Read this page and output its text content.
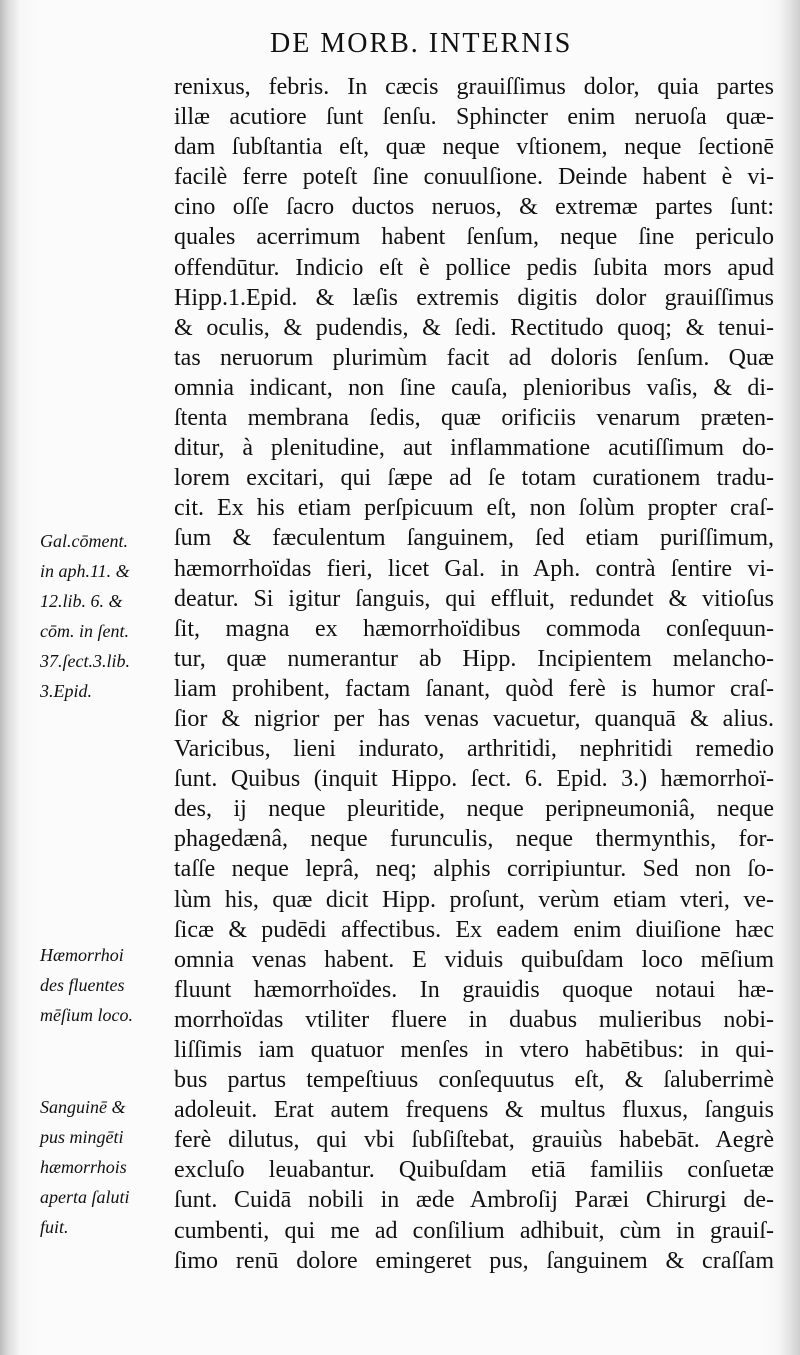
DE MORB. INTERNIS
renixus, febris. In cæcis grauiſſimus dolor, quia partes
illæ acutiore ſunt ſenſu. Sphincter enim neruoſa quæ-
dam ſubſtantia eſt, quæ neque vſtionem, neque ſectionē
facilè ferre poteſt ſine conuulſione. Deinde habent è vi-
cino oſſe ſacro ductos neruos, & extremæ partes ſunt:
quales acerrimum habent ſenſum, neque ſine periculo
offendūtur. Indicio eſt è pollice pedis ſubita mors apud
Hipp.1.Epid. & læſis extremis digitis dolor grauiſſimus
& oculis, & pudendis, & ſedi. Rectitudo quoq; & tenui-
tas neruorum plurimùm facit ad doloris ſenſum. Quæ
omnia indicant, non ſine cauſa, plenioribus vaſis, & di-
ſtenta membrana ſedis, quæ orificiis venarum præten-
ditur, à plenitudine, aut inflammatione acutiſſimum do-
lorem excitari, qui ſæpe ad ſe totam curationem tradu-
cit. Ex his etiam perſpicuum eſt, non ſolùm propter craſ-
ſum & fæculentum ſanguinem, ſed etiam puriſſimum,
hæmorrhoïdas fieri, licet Gal. in Aph. contrà ſentire vi-
deatur. Si igitur ſanguis, qui effluit, redundet & vitioſus
ſit, magna ex hæmorrhoïdibus commoda conſequun-
tur, quæ numerantur ab Hipp. Incipientem melancho-
liam prohibent, factam ſanant, quòd ferè is humor craſ-
ſior & nigrior per has venas vacuetur, quanquā & alius.
Varicibus, lieni indurato, arthritidi, nephritidi remedio
ſunt. Quibus (inquit Hippo. ſect. 6. Epid. 3.) hæmorrhoï-
des, ij neque pleuritide, neque peripneumoniâ, neque
phagedænâ, neque furunculis, neque thermynthis, for-
taſſe neque leprâ, neq; alphis corripiuntur. Sed non ſo-
lùm his, quæ dicit Hipp. proſunt, verùm etiam vteri, ve-
ſicæ & pudēdi affectibus. Ex eadem enim diuiſione hæc
omnia venas habent. E viduis quibuſdam loco mēſium
fluunt hæmorrhoïdes. In grauidis quoque notaui hæ-
morrhoïdas vtiliter fluere in duabus mulieribus nobi-
liſſimis iam quatuor menſes in vtero habētibus: in qui-
bus partus tempeſtiuus conſequutus eſt, & ſaluberrimè
adoleuit. Erat autem frequens & multus fluxus, ſanguis
ferè dilutus, qui vbi ſubſiſtebat, grauiùs habebāt. Aegrè
excluſo leuabantur. Quibuſdam etiā familiis conſuetæ
ſunt. Cuidā nobili in æde Ambroſij Paræi Chirurgi de-
cumbenti, qui me ad conſilium adhibuit, cùm in grauiſ-
ſimo renū dolore emingeret pus, ſanguinem & craſſam
Gal.cōment.
in aph.11. &
12.lib. 6. &
cōm. in ſent.
37.ſect.3.lib.
3.Epid.
Hæmorrhoi
des fluentes
mēſium loco.
Sanguinē &
pus mingēti
hæmorrhois
aperta ſaluti
fuit.
